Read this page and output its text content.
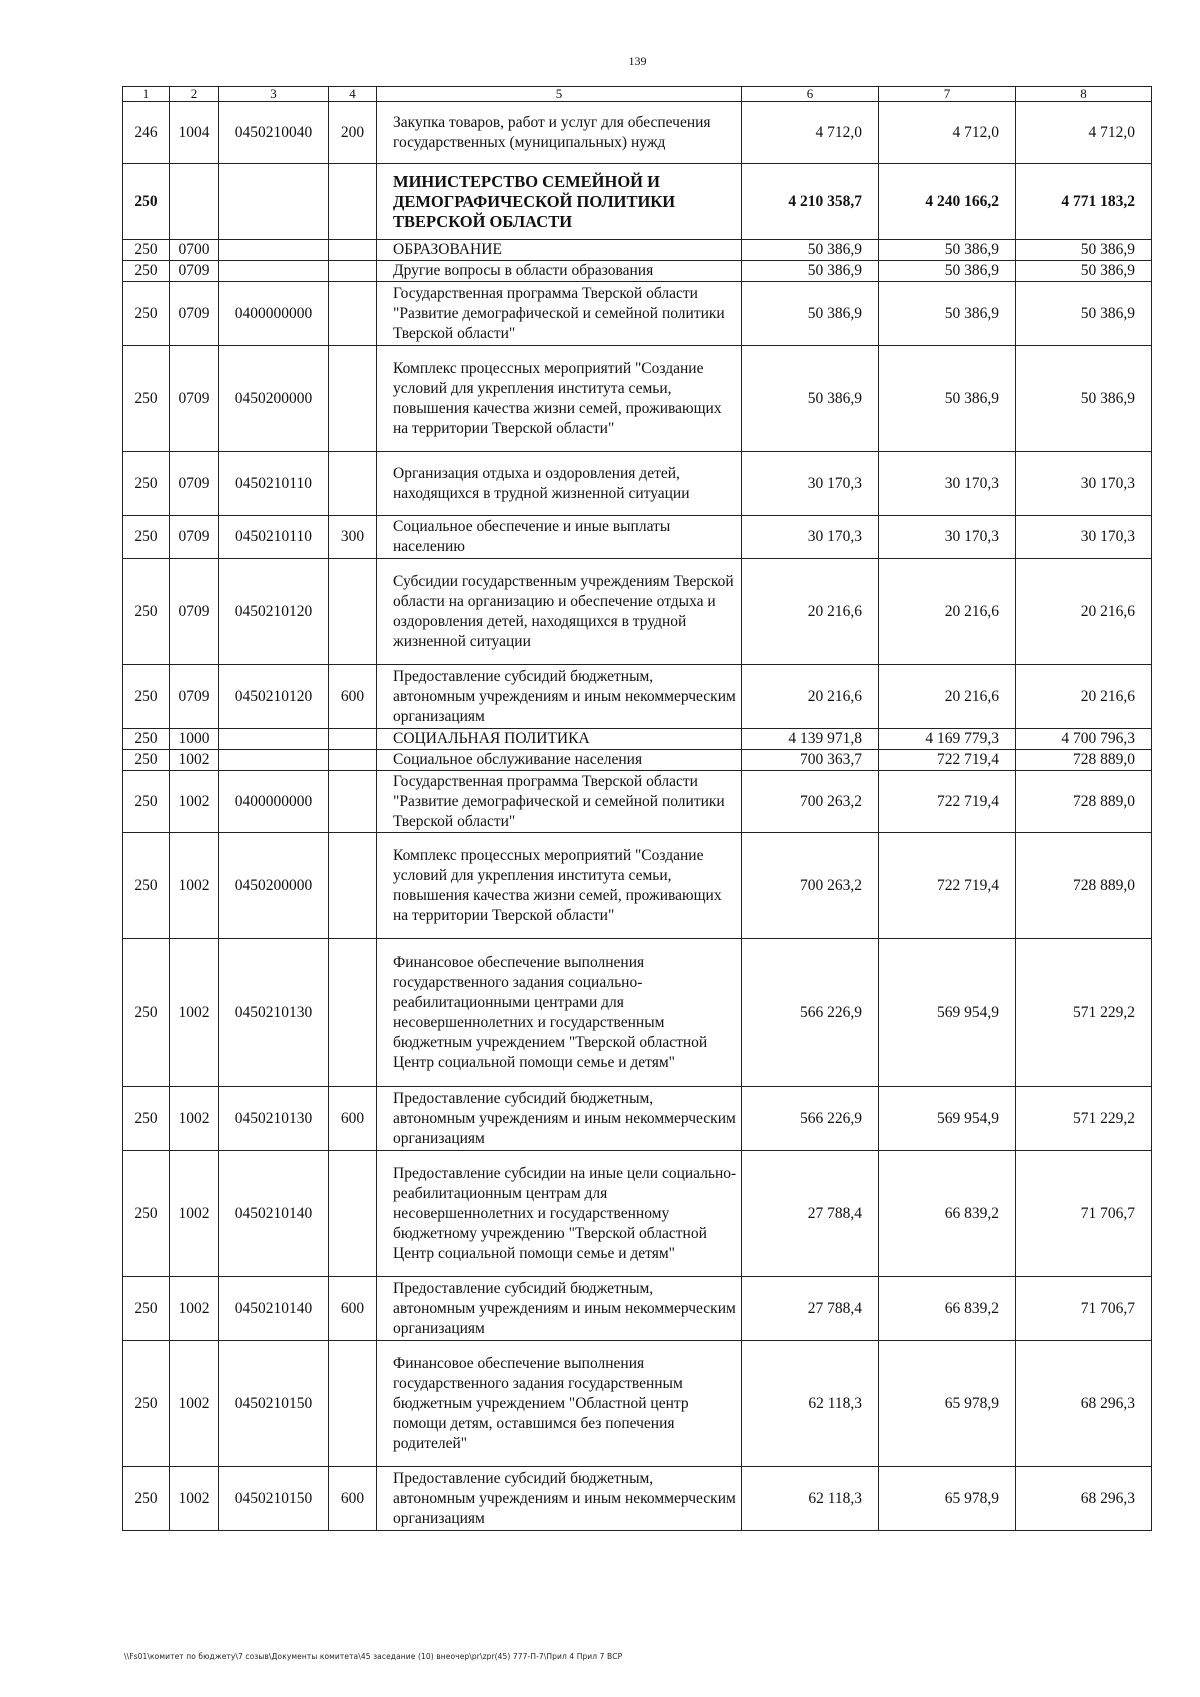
139
1	2	3	4	5	6	7	8
246	1004	0450210040	200	Закупка товаров, работ и услуг для обеспечения государственных (муниципальных) нужд	4 712,0	4 712,0	4 712,0
250				МИНИСТЕРСТВО СЕМЕЙНОЙ И ДЕМОГРАФИЧЕСКОЙ ПОЛИТИКИ ТВЕРСКОЙ ОБЛАСТИ	4 210 358,7	4 240 166,2	4 771 183,2
250	0700			ОБРАЗОВАНИЕ	50 386,9	50 386,9	50 386,9
250	0709			Другие вопросы в области образования	50 386,9	50 386,9	50 386,9
250	0709	0400000000		Государственная программа Тверской области "Развитие демографической и семейной политики Тверской области"	50 386,9	50 386,9	50 386,9
250	0709	0450200000		Комплекс процессных мероприятий "Создание условий для укрепления института семьи, повышения качества жизни семей, проживающих на территории Тверской области"	50 386,9	50 386,9	50 386,9
250	0709	0450210110		Организация отдыха и оздоровления детей, находящихся в трудной жизненной ситуации	30 170,3	30 170,3	30 170,3
250	0709	0450210110	300	Социальное обеспечение и иные выплаты населению	30 170,3	30 170,3	30 170,3
250	0709	0450210120		Субсидии государственным учреждениям Тверской области на организацию и обеспечение отдыха и оздоровления детей, находящихся в трудной жизненной ситуации	20 216,6	20 216,6	20 216,6
250	0709	0450210120	600	Предоставление субсидий бюджетным, автономным учреждениям и иным некоммерческим организациям	20 216,6	20 216,6	20 216,6
250	1000			СОЦИАЛЬНАЯ ПОЛИТИКА	4 139 971,8	4 169 779,3	4 700 796,3
250	1002			Социальное обслуживание населения	700 363,7	722 719,4	728 889,0
250	1002	0400000000		Государственная программа Тверской области "Развитие демографической и семейной политики Тверской области"	700 263,2	722 719,4	728 889,0
250	1002	0450200000		Комплекс процессных мероприятий "Создание условий для укрепления института семьи, повышения качества жизни семей, проживающих на территории Тверской области"	700 263,2	722 719,4	728 889,0
250	1002	0450210130		Финансовое обеспечение выполнения государственного задания социально-реабилитационными центрами для несовершеннолетних и государственным бюджетным учреждением "Тверской областной Центр социальной помощи семье и детям"	566 226,9	569 954,9	571 229,2
250	1002	0450210130	600	Предоставление субсидий бюджетным, автономным учреждениям и иным некоммерческим организациям	566 226,9	569 954,9	571 229,2
250	1002	0450210140		Предоставление субсидии на иные цели социально-реабилитационным центрам для несовершеннолетних и государственному бюджетному учреждению "Тверской областной Центр социальной помощи семье и детям"	27 788,4	66 839,2	71 706,7
250	1002	0450210140	600	Предоставление субсидий бюджетным, автономным учреждениям и иным некоммерческим организациям	27 788,4	66 839,2	71 706,7
250	1002	0450210150		Финансовое обеспечение выполнения государственного задания государственным бюджетным учреждением "Областной центр помощи детям, оставшимся без попечения родителей"	62 118,3	65 978,9	68 296,3
250	1002	0450210150	600	Предоставление субсидий бюджетным, автономным учреждениям и иным некоммерческим организациям	62 118,3	65 978,9	68 296,3
\\Fs01\комитет по бюджету\7 созыв\Документы комитета\45 заседание (10) внеочер\pr\zpr(45) 777-П-7\Прил 4 Прил 7 ВСР
